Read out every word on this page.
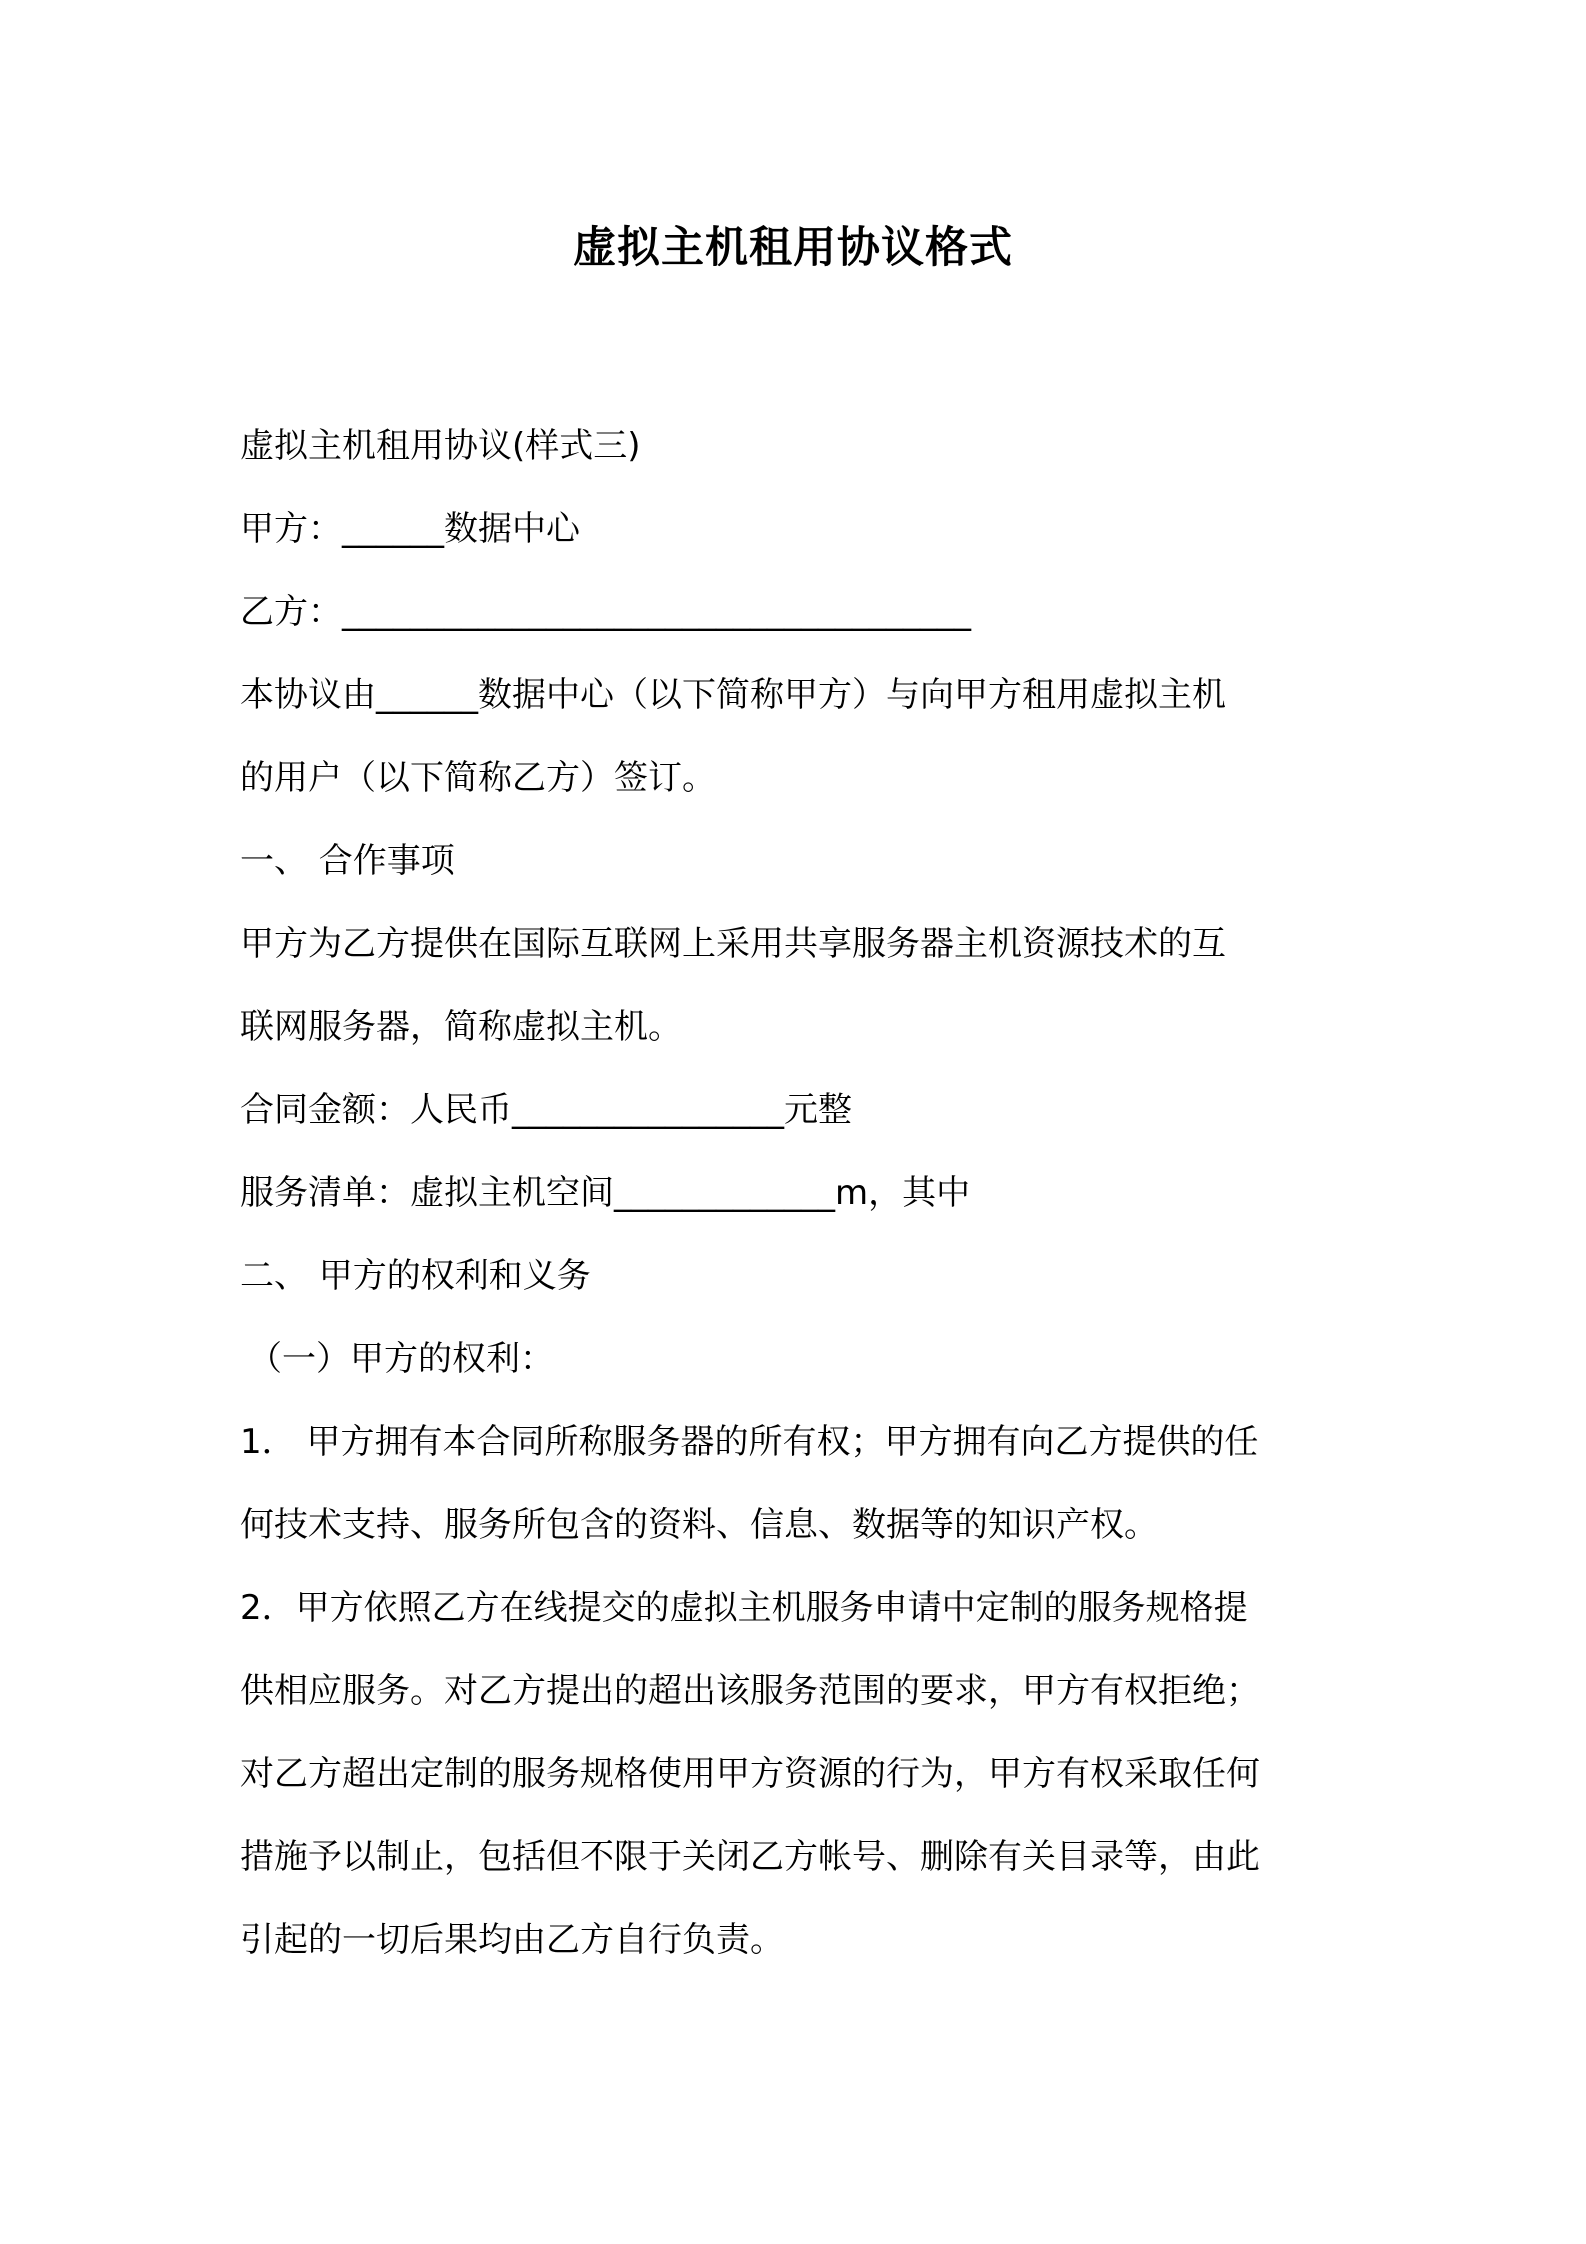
虚拟主机租用协议格式

虚拟主机租用协议(样式三)

甲方：______数据中心

乙方：_____________________________________

本协议由______数据中心（以下简称甲方）与向甲方租用虚拟主机

的用户（以下简称乙方）签订。

一、 合作事项

甲方为乙方提供在国际互联网上采用共享服务器主机资源技术的互

联网服务器，简称虚拟主机。

合同金额：人民币________________元整

服务清单：虚拟主机空间_____________m，其中

二、 甲方的权利和义务

（一）甲方的权利：

1． 甲方拥有本合同所称服务器的所有权；甲方拥有向乙方提供的任

何技术支持、服务所包含的资料、信息、数据等的知识产权。

2．甲方依照乙方在线提交的虚拟主机服务申请中定制的服务规格提

供相应服务。对乙方提出的超出该服务范围的要求，甲方有权拒绝；

对乙方超出定制的服务规格使用甲方资源的行为，甲方有权采取任何

措施予以制止，包括但不限于关闭乙方帐号、删除有关目录等，由此

引起的一切后果均由乙方自行负责。
